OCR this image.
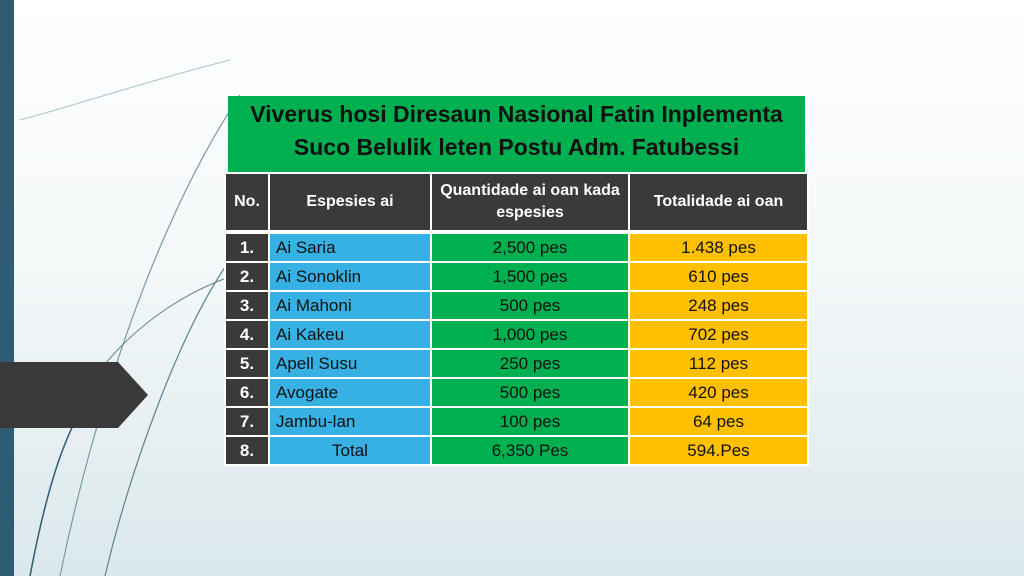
Viverus hosi Diresaun Nasional Fatin Inplementa Suco Belulik leten Postu Adm. Fatubessi
No.	Espesies ai	Quantidade ai oan kada espesies	Totalidade ai oan
1.	Ai Saria	2,500 pes	1.438 pes
2.	Ai Sonoklin	1,500 pes	610 pes
3.	Ai Mahoni	500 pes	248 pes
4.	Ai Kakeu	1,000 pes	702 pes
5.	Apell Susu	250 pes	112 pes
6.	Avogate	500 pes	420 pes
7.	Jambu-lan	100 pes	64 pes
8.	Total	6,350 Pes	594.Pes
